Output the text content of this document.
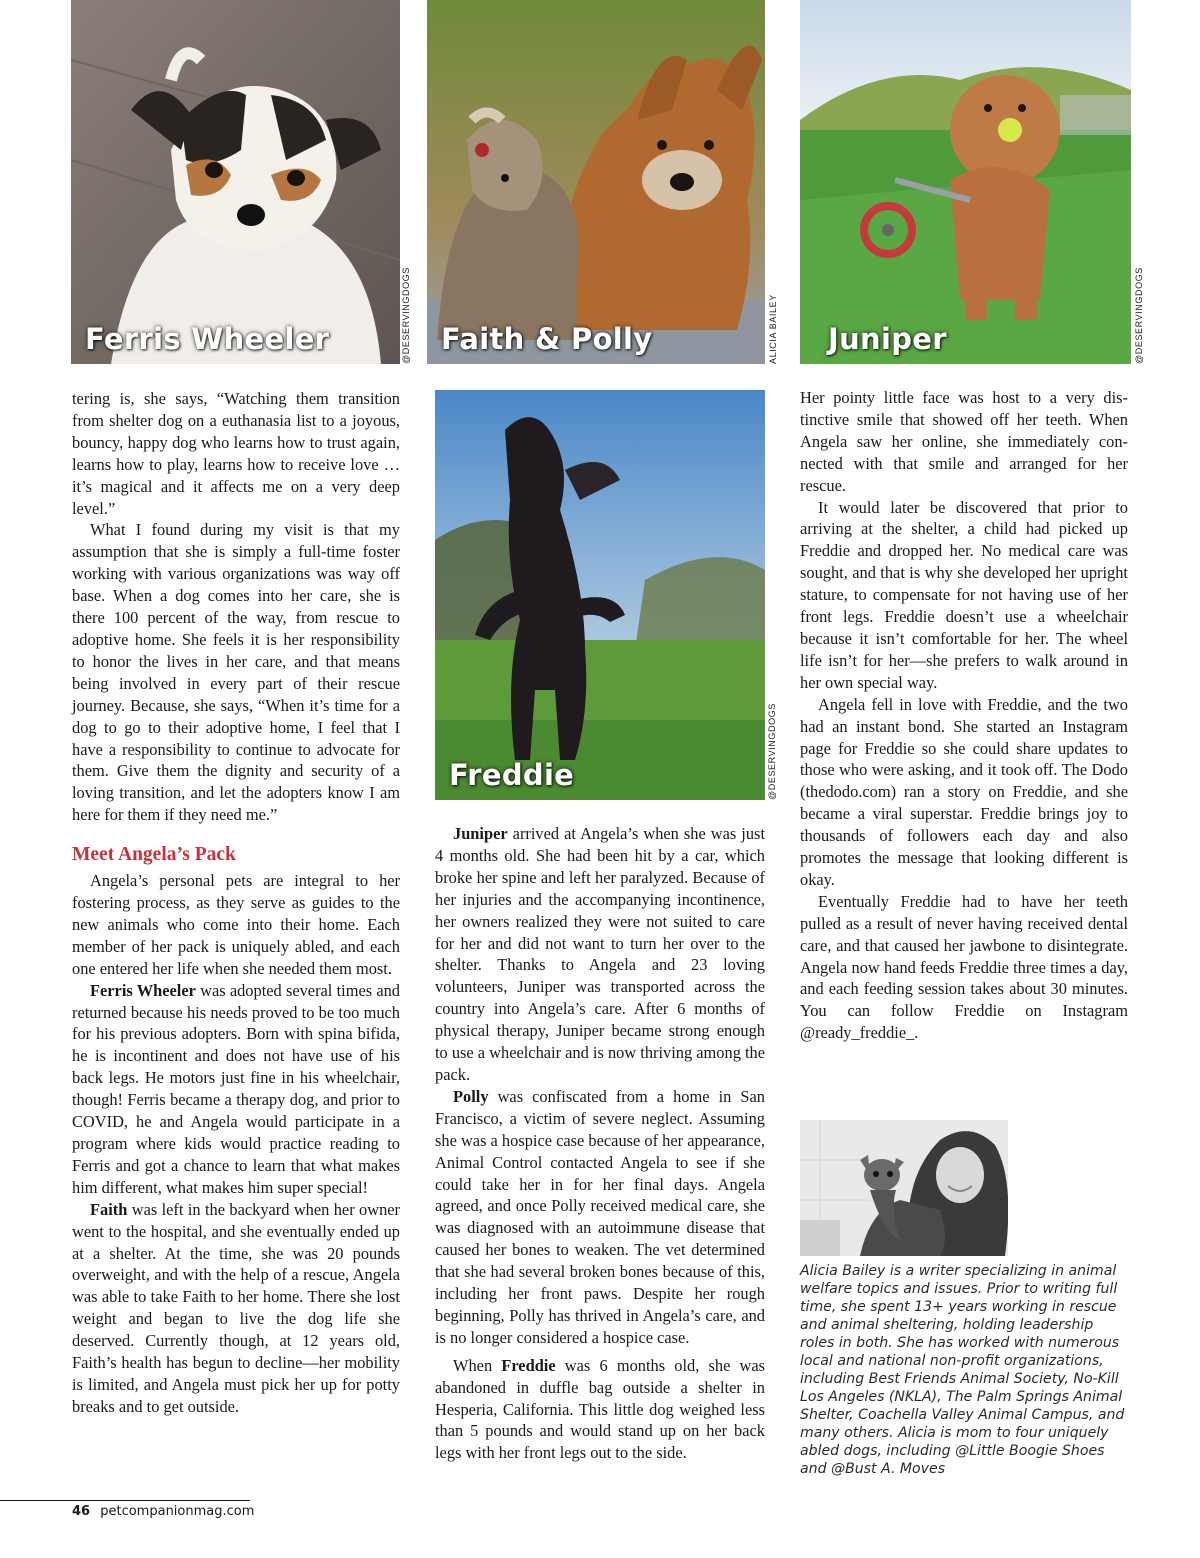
Ferris Wheeler	@DESERVINGDOGS Faith & Polly	ALICIA BAILEY Juniper	@DESERVINGDOGS
Freddie	@DESERVINGDOGS

tering is, she says, “Watching them transition from shelter dog on a euthanasia list to a joyous, bouncy, happy dog who learns how to trust again, learns how to play, learns how to receive love … it’s magical and it affects me on a very deep level.”

What I found during my visit is that my assumption that she is simply a full-time foster working with various organizations was way off base. When a dog comes into her care, she is there 100 percent of the way, from rescue to adoptive home. She feels it is her responsibility to honor the lives in her care, and that means being involved in every part of their rescue journey. Because, she says, “When it’s time for a dog to go to their adoptive home, I feel that I have a responsibility to continue to advocate for them. Give them the dignity and security of a loving transition, and let the adopters know I am here for them if they need me.”

Meet Angela’s Pack

Angela’s personal pets are integral to her fostering process, as they serve as guides to the new animals who come into their home. Each member of her pack is uniquely abled, and each one entered her life when she needed them most.

Ferris Wheeler was adopted several times and returned because his needs proved to be too much for his previous adopters. Born with spina bifida, he is incontinent and does not have use of his back legs. He motors just fine in his wheelchair, though! Ferris became a therapy dog, and prior to COVID, he and Angela would participate in a program where kids would practice reading to Ferris and got a chance to learn that what makes him different, what makes him super special!

Faith was left in the backyard when her owner went to the hospital, and she eventually ended up at a shelter. At the time, she was 20 pounds overweight, and with the help of a rescue, Angela was able to take Faith to her home. There she lost weight and began to live the dog life she deserved. Currently though, at 12 years old, Faith’s health has begun to decline—her mobility is limited, and Angela must pick her up for potty breaks and to get outside.

Juniper arrived at Angela’s when she was just 4 months old. She had been hit by a car, which broke her spine and left her paralyzed. Because of her injuries and the accompanying incontinence, her owners realized they were not suited to care for her and did not want to turn her over to the shelter. Thanks to Angela and 23 loving volunteers, Juniper was transported across the country into Angela’s care. After 6 months of physical therapy, Juniper became strong enough to use a wheelchair and is now thriving among the pack.

Polly was confiscated from a home in San Francisco, a victim of severe neglect. Assuming she was a hospice case because of her appearance, Animal Control contacted Angela to see if she could take her in for her final days. Angela agreed, and once Polly received medical care, she was diagnosed with an autoimmune disease that caused her bones to weaken. The vet determined that she had several broken bones because of this, including her front paws. Despite her rough beginning, Polly has thrived in Angela’s care, and is no longer considered a hospice case.

When Freddie was 6 months old, she was abandoned in duffle bag outside a shelter in Hesperia, California. This little dog weighed less than 5 pounds and would stand up on her back legs with her front legs out to the side.

Her pointy little face was host to a very distinctive smile that showed off her teeth. When Angela saw her online, she immediately connected with that smile and arranged for her rescue.

It would later be discovered that prior to arriving at the shelter, a child had picked up Freddie and dropped her. No medical care was sought, and that is why she developed her upright stature, to compensate for not having use of her front legs. Freddie doesn’t use a wheelchair because it isn’t comfortable for her. The wheel life isn’t for her—she prefers to walk around in her own special way.

Angela fell in love with Freddie, and the two had an instant bond. She started an Instagram page for Freddie so she could share updates to those who were asking, and it took off. The Dodo (thedodo.com) ran a story on Freddie, and she became a viral superstar. Freddie brings joy to thousands of followers each day and also promotes the message that looking different is okay.

Eventually Freddie had to have her teeth pulled as a result of never having received dental care, and that caused her jawbone to disintegrate. Angela now hand feeds Freddie three times a day, and each feeding session takes about 30 minutes. You can follow Freddie on Instagram @ready_freddie_.

Alicia Bailey is a writer specializing in animal welfare topics and issues. Prior to writing full time, she spent 13+ years working in rescue and animal sheltering, holding leadership roles in both. She has worked with numerous local and national non-profit organizations, including Best Friends Animal Society, No-Kill Los Angeles (NKLA), The Palm Springs Animal Shelter, Coachella Valley Animal Campus, and many others. Alicia is mom to four uniquely abled dogs, including @Little Boogie Shoes and @Bust A. Moves
46 petcompanionmag.com
